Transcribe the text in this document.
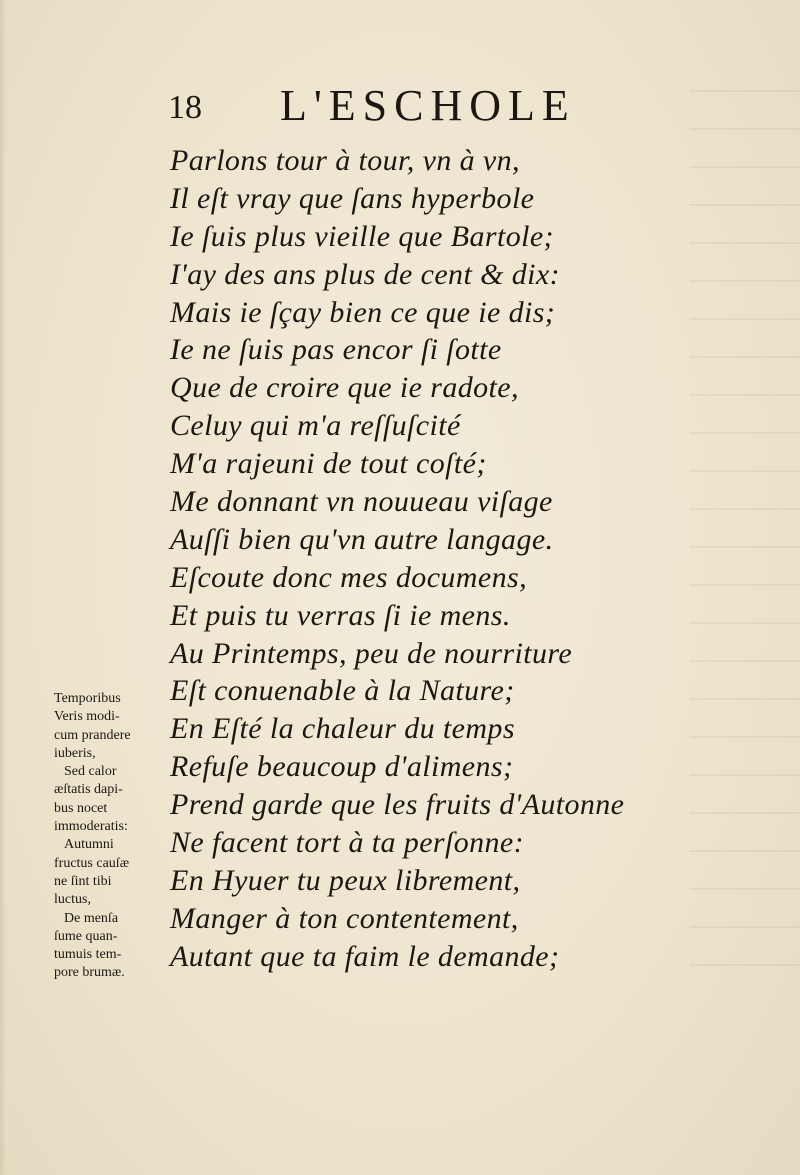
18 L'ESCHOLE
Parlons tour à tour, vn à vn,
Il eſt vray que ſans hyperbole
Ie ſuis plus vieille que Bartole;
I'ay des ans plus de cent & dix:
Mais ie ſçay bien ce que ie dis;
Ie ne ſuis pas encor ſi ſotte
Que de croire que ie radote,
Celuy qui m'a reſſuſcité
M'a rajeuni de tout coſté;
Me donnant vn nouueau viſage
Auſſi bien qu'vn autre langage.
Eſcoute donc mes documens,
Et puis tu verras ſi ie mens.
Au Printemps, peu de nourriture
Eſt conuenable à la Nature;
En Eſté la chaleur du temps
Refuſe beaucoup d'alimens;
Prend garde que les fruits d'Autonne
Ne facent tort à ta perſonne:
En Hyuer tu peux librement,
Manger à ton contentement,
Autant que ta faim le demande;
Temporibus
Veris modi-
cum prandere
iuberis,
Sed calor
æſtatis dapi-
bus nocet
immoderatis:
Autumni
fructus cauſæ
ne ſint tibi
luctus,
De menſa
ſume quan-
tumuis tem-
pore brumæ.
